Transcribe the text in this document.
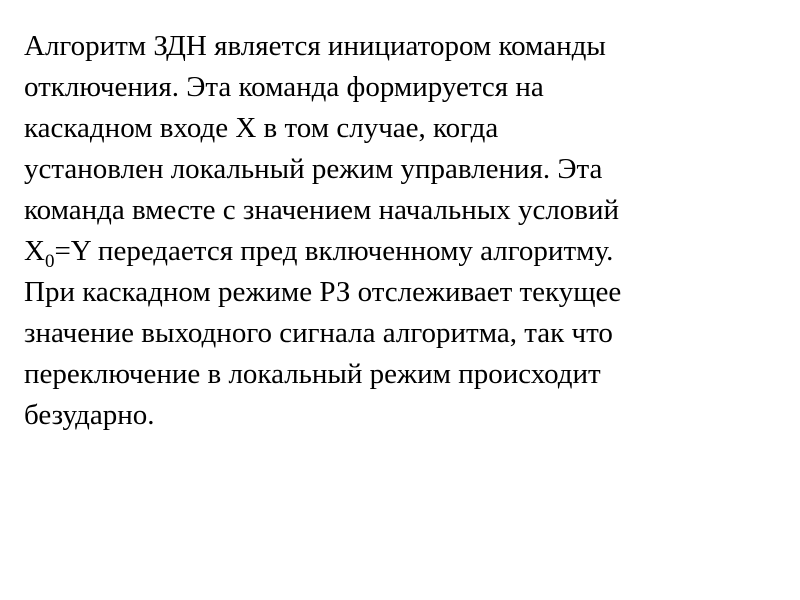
Алгоритм ЗДН является инициатором команды
отключения. Эта команда формируется на
каскадном входе Х в том случае, когда
установлен локальный режим управления. Эта
команда вместе с значением начальных условий
$X_0=Y$ передается пред включенному алгоритму.
При каскадном режиме РЗ отслеживает текущее
значение выходного сигнала алгоритма, так что
переключение в локальный режим происходит
безударно.
